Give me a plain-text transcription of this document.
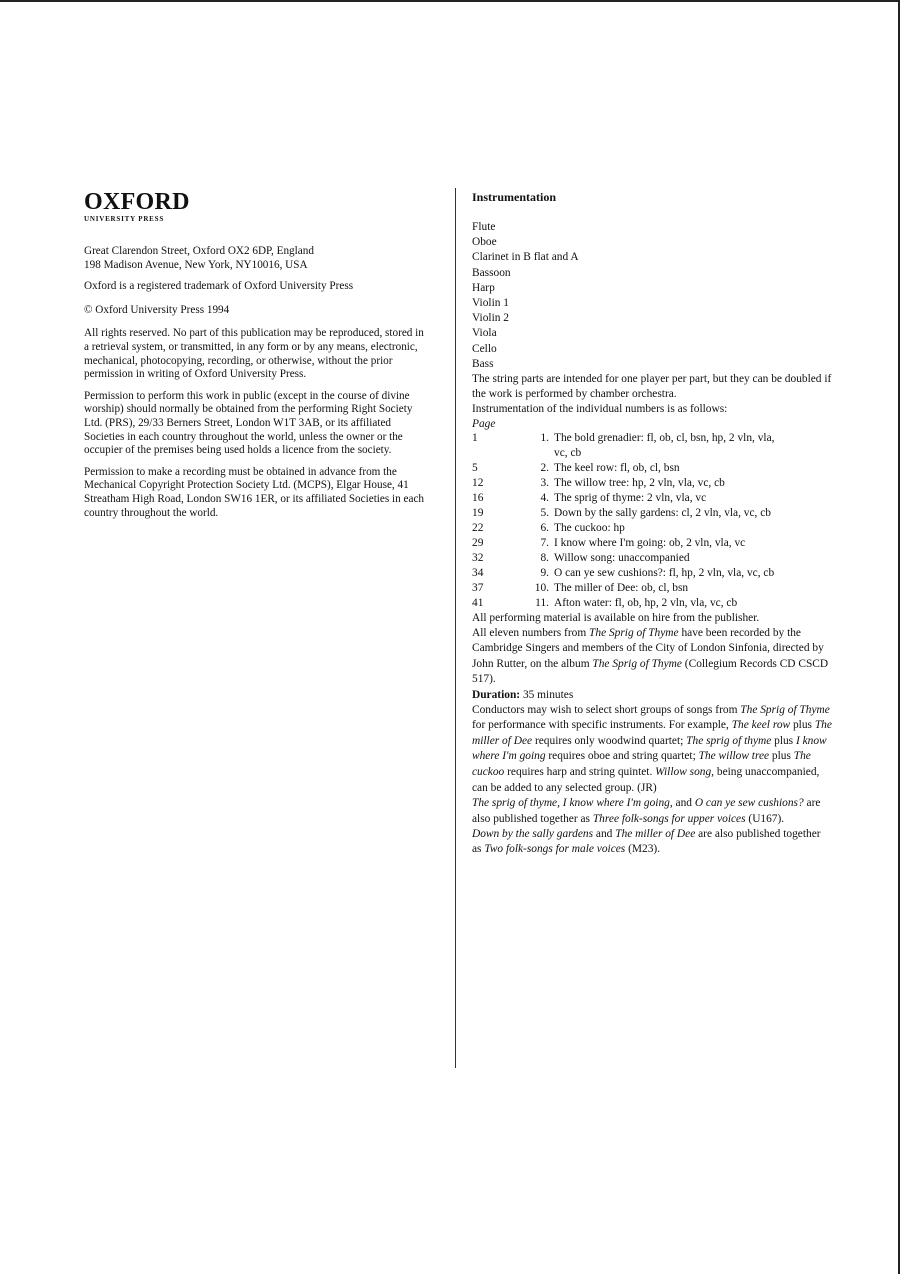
OXFORD
UNIVERSITY PRESS

Great Clarendon Street, Oxford OX2 6DP, England

198 Madison Avenue, New York, NY10016, USA

Oxford is a registered trademark of Oxford University Press

© Oxford University Press 1994

All rights reserved. No part of this publication may be reproduced, stored in a retrieval system, or transmitted, in any form or by any means, electronic, mechanical, photocopying, recording, or otherwise, without the prior permission in writing of Oxford University Press.

Permission to perform this work in public (except in the course of divine worship) should normally be obtained from the performing Right Society Ltd. (PRS), 29/33 Berners Street, London W1T 3AB, or its affiliated Societies in each country throughout the world, unless the owner or the occupier of the premises being used holds a licence from the society.

Permission to make a recording must be obtained in advance from the Mechanical Copyright Protection Society Ltd. (MCPS), Elgar House, 41 Streatham High Road, London SW16 1ER, or its affiliated Societies in each country throughout the world.

Instrumentation

Flute
Oboe
Clarinet in B flat and A
Bassoon
Harp
Violin 1
Violin 2
Viola
Cello
Bass

The string parts are intended for one player per part, but they can be doubled if the work is performed by chamber orchestra.

Instrumentation of the individual numbers is as follows:

Page

1	1. The bold grenadier: fl, ob, cl, bsn, hp, 2 vln, vla,
vc, cb
5	2. The keel row: fl, ob, cl, bsn
12	3. The willow tree: hp, 2 vln, vla, vc, cb
16	4. The sprig of thyme: 2 vln, vla, vc
19	5. Down by the sally gardens: cl, 2 vln, vla, vc, cb
22	6. The cuckoo: hp
29	7. I know where I'm going: ob, 2 vln, vla, vc
32	8. Willow song: unaccompanied
34	9. O can ye sew cushions?: fl, hp, 2 vln, vla, vc, cb
37	10. The miller of Dee: ob, cl, bsn
41	11. Afton water: fl, ob, hp, 2 vln, vla, vc, cb

All performing material is available on hire from the publisher.

All eleven numbers from The Sprig of Thyme have been recorded by the Cambridge Singers and members of the City of London Sinfonia, directed by John Rutter, on the album The Sprig of Thyme (Collegium Records CD CSCD 517).

Duration: 35 minutes

Conductors may wish to select short groups of songs from The Sprig of Thyme for performance with specific instruments. For example, The keel row plus The miller of Dee requires only woodwind quartet; The sprig of thyme plus I know where I'm going requires oboe and string quartet; The willow tree plus The cuckoo requires harp and string quintet. Willow song, being unaccompanied, can be added to any selected group. (JR)

The sprig of thyme, I know where I'm going, and O can ye sew cushions? are also published together as Three folk-songs for upper voices (U167).
Down by the sally gardens and The miller of Dee are also published together as Two folk-songs for male voices (M23).
